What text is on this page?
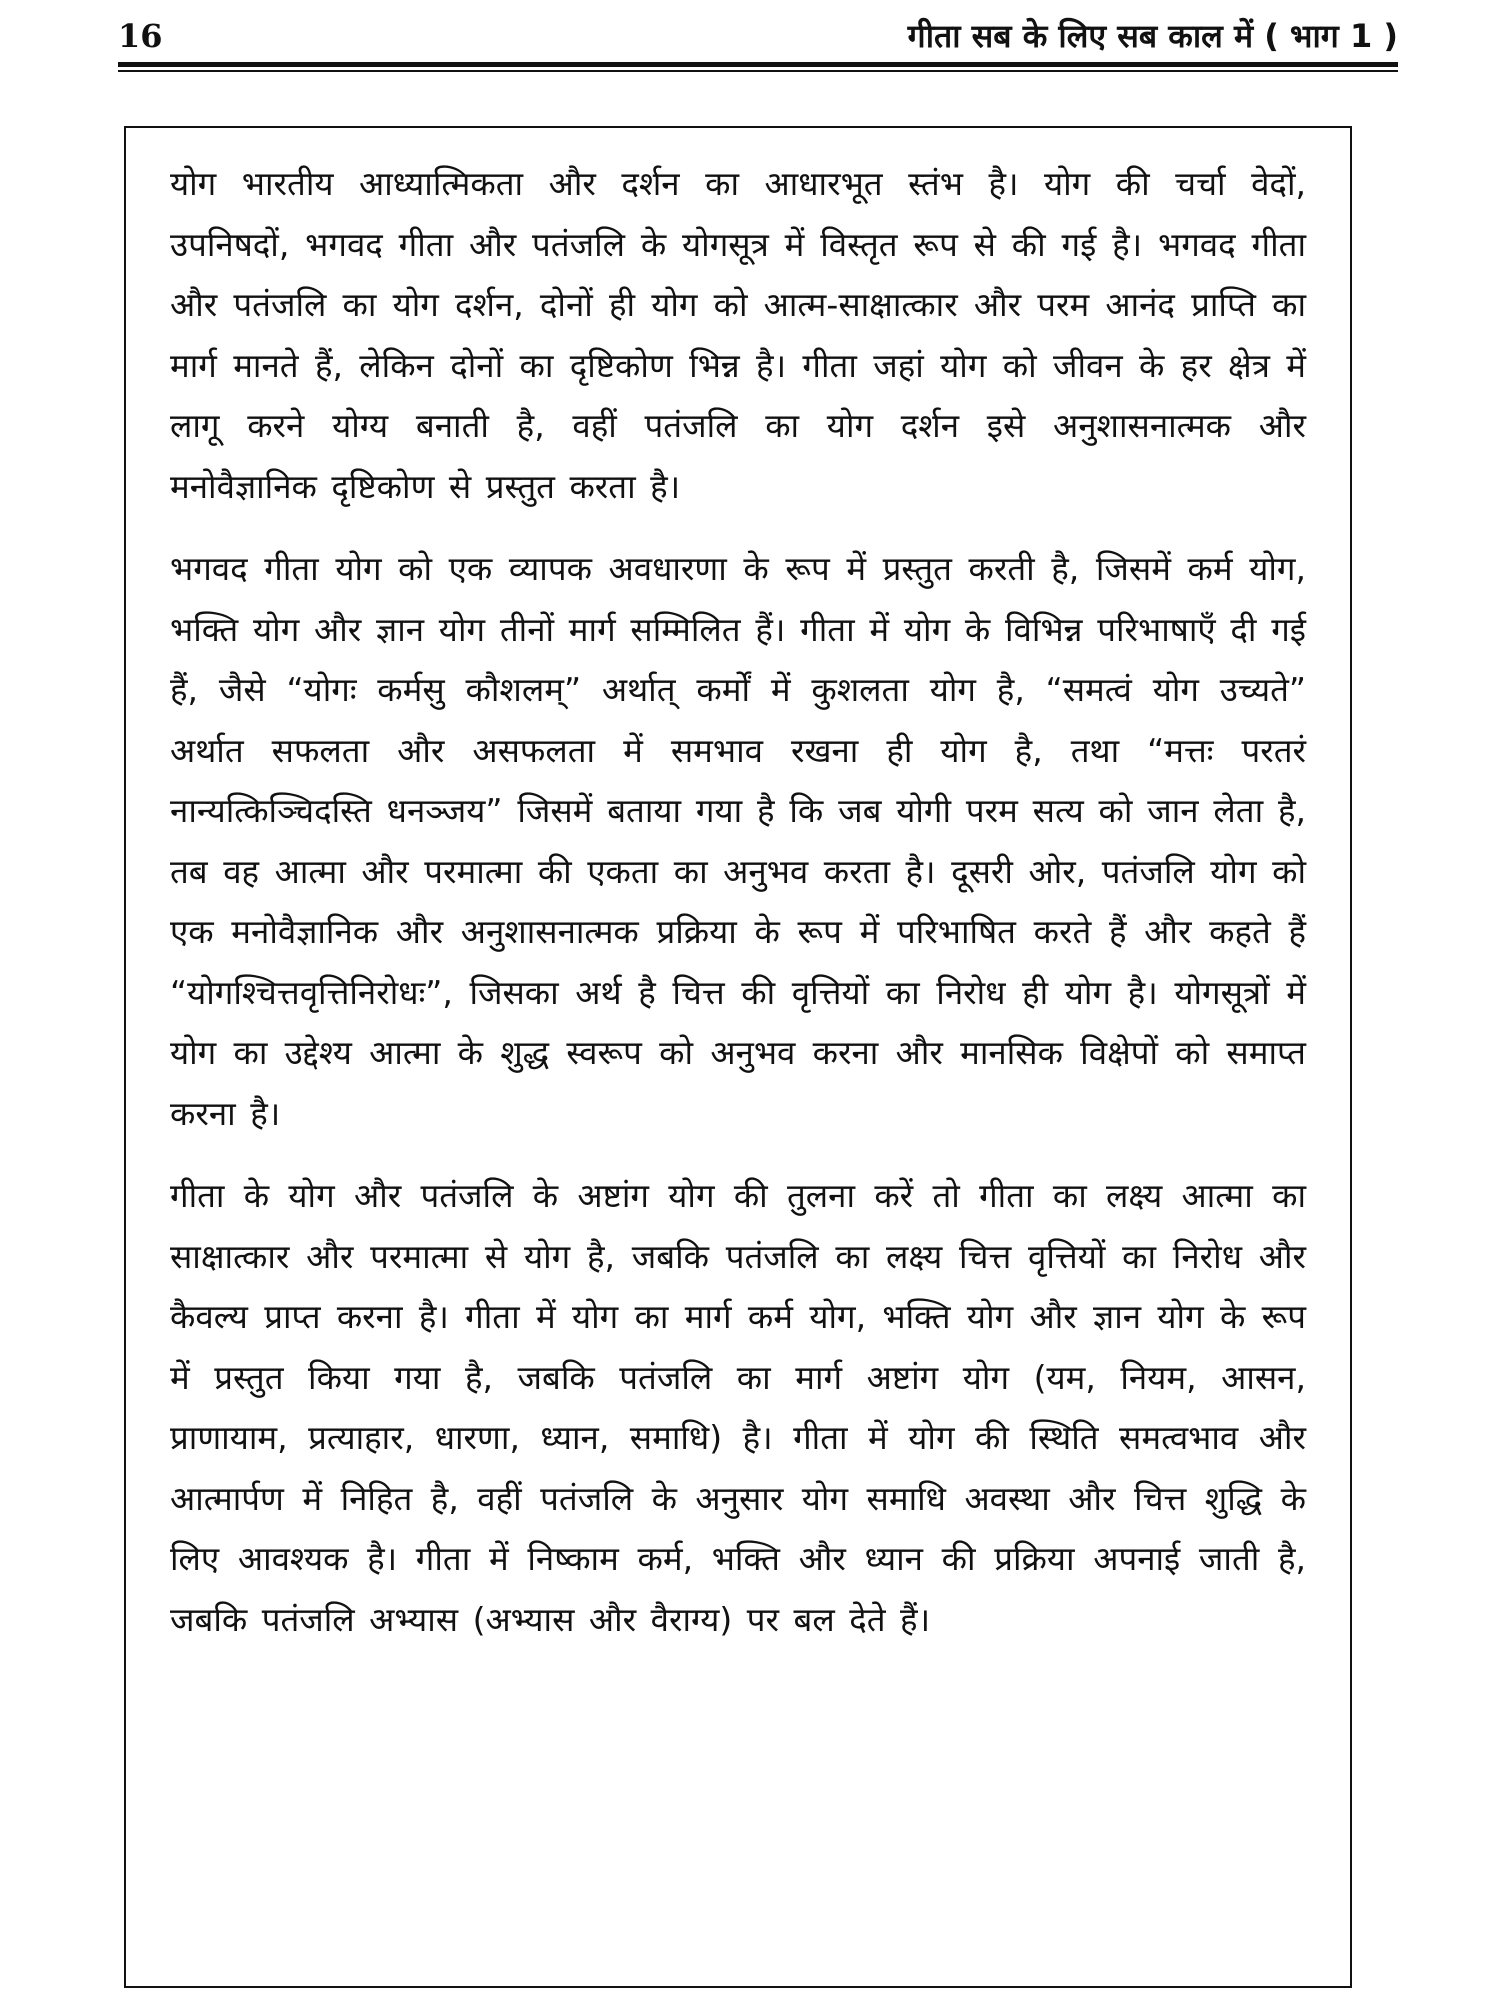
16	गीता सब के लिए सब काल में ( भाग 1 )

योग भारतीय आध्यात्मिकता और दर्शन का आधारभूत स्तंभ है। योग की चर्चा वेदों, उपनिषदों, भगवद गीता और पतंजलि के योगसूत्र में विस्तृत रूप से की गई है। भगवद गीता और पतंजलि का योग दर्शन, दोनों ही योग को आत्म-साक्षात्कार और परम आनंद प्राप्ति का मार्ग मानते हैं, लेकिन दोनों का दृष्टिकोण भिन्न है। गीता जहां योग को जीवन के हर क्षेत्र में लागू करने योग्य बनाती है, वहीं पतंजलि का योग दर्शन इसे अनुशासनात्मक और मनोवैज्ञानिक दृष्टिकोण से प्रस्तुत करता है।

भगवद गीता योग को एक व्यापक अवधारणा के रूप में प्रस्तुत करती है, जिसमें कर्म योग, भक्ति योग और ज्ञान योग तीनों मार्ग सम्मिलित हैं। गीता में योग के विभिन्न परिभाषाएँ दी गई हैं, जैसे “योगः कर्मसु कौशलम्” अर्थात् कर्मों में कुशलता योग है, “समत्वं योग उच्यते” अर्थात सफलता और असफलता में समभाव रखना ही योग है, तथा “मत्तः परतरं नान्यत्किञ्चिदस्ति धनञ्जय” जिसमें बताया गया है कि जब योगी परम सत्य को जान लेता है, तब वह आत्मा और परमात्मा की एकता का अनुभव करता है। दूसरी ओर, पतंजलि योग को एक मनोवैज्ञानिक और अनुशासनात्मक प्रक्रिया के रूप में परिभाषित करते हैं और कहते हैं “योगश्चित्तवृत्तिनिरोधः”, जिसका अर्थ है चित्त की वृत्तियों का निरोध ही योग है। योगसूत्रों में योग का उद्देश्य आत्मा के शुद्ध स्वरूप को अनुभव करना और मानसिक विक्षेपों को समाप्त करना है।

गीता के योग और पतंजलि के अष्टांग योग की तुलना करें तो गीता का लक्ष्य आत्मा का साक्षात्कार और परमात्मा से योग है, जबकि पतंजलि का लक्ष्य चित्त वृत्तियों का निरोध और कैवल्य प्राप्त करना है। गीता में योग का मार्ग कर्म योग, भक्ति योग और ज्ञान योग के रूप में प्रस्तुत किया गया है, जबकि पतंजलि का मार्ग अष्टांग योग (यम, नियम, आसन, प्राणायाम, प्रत्याहार, धारणा, ध्यान, समाधि) है। गीता में योग की स्थिति समत्वभाव और आत्मार्पण में निहित है, वहीं पतंजलि के अनुसार योग समाधि अवस्था और चित्त शुद्धि के लिए आवश्यक है। गीता में निष्काम कर्म, भक्ति और ध्यान की प्रक्रिया अपनाई जाती है, जबकि पतंजलि अभ्यास (अभ्यास और वैराग्य) पर बल देते हैं।
